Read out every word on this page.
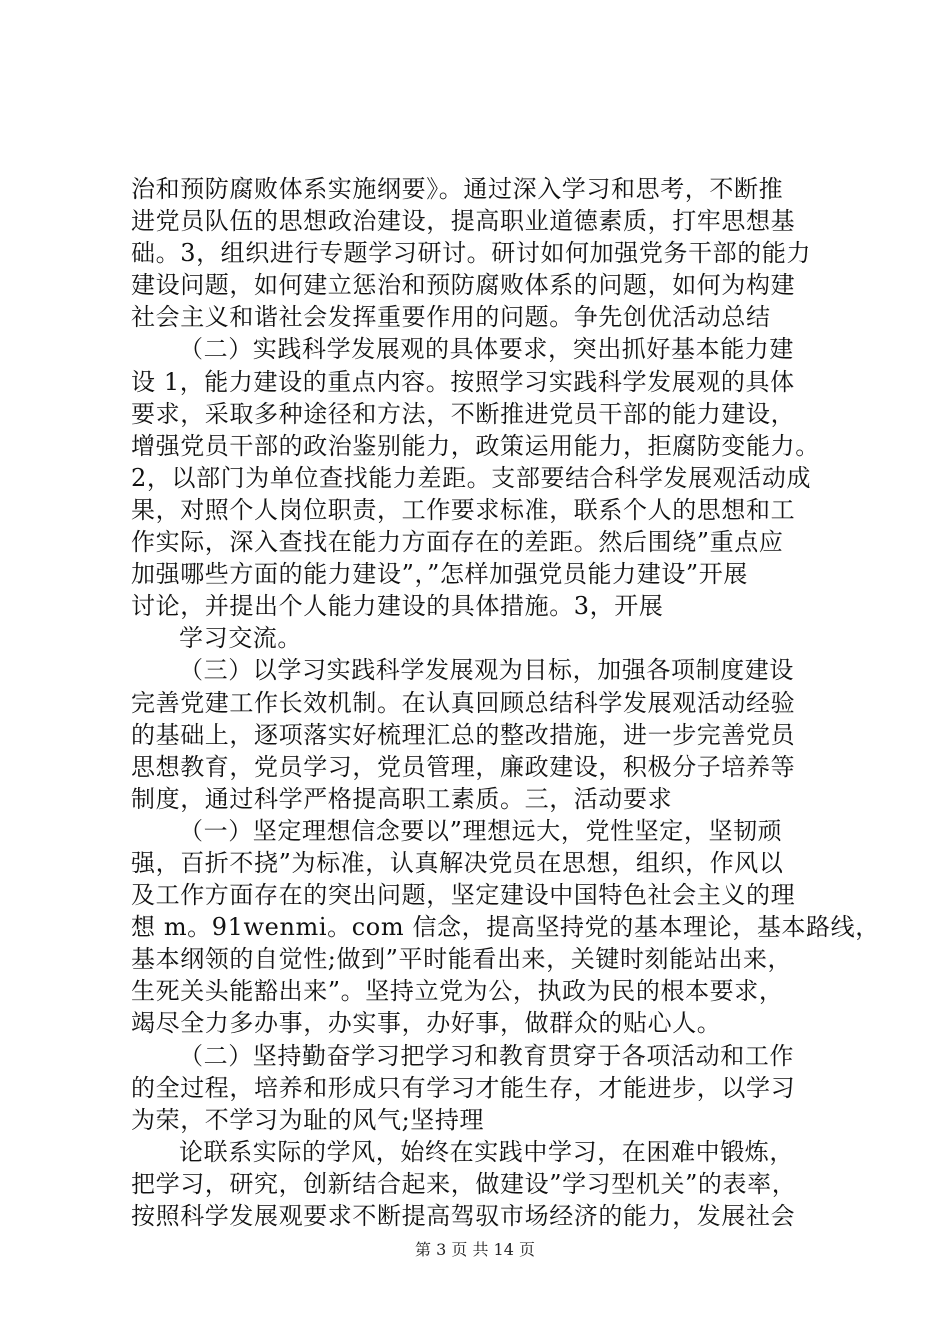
治和预防腐败体系实施纲要》。通过深入学习和思考，不断推
进党员队伍的思想政治建设，提高职业道德素质，打牢思想基
础。3，组织进行专题学习研讨。研讨如何加强党务干部的能力
建设问题，如何建立惩治和预防腐败体系的问题，如何为构建
社会主义和谐社会发挥重要作用的问题。争先创优活动总结
（二）实践科学发展观的具体要求，突出抓好基本能力建
设 1，能力建设的重点内容。按照学习实践科学发展观的具体
要求，采取多种途径和方法，不断推进党员干部的能力建设，
增强党员干部的政治鉴别能力，政策运用能力，拒腐防变能力。
2，以部门为单位查找能力差距。支部要结合科学发展观活动成
果，对照个人岗位职责，工作要求标准，联系个人的思想和工
作实际，深入查找在能力方面存在的差距。然后围绕”重点应
加强哪些方面的能力建设”，”怎样加强党员能力建设”开展
讨论，并提出个人能力建设的具体措施。3，开展
学习交流。
（三）以学习实践科学发展观为目标，加强各项制度建设
完善党建工作长效机制。在认真回顾总结科学发展观活动经验
的基础上，逐项落实好梳理汇总的整改措施，进一步完善党员
思想教育，党员学习，党员管理，廉政建设，积极分子培养等
制度，通过科学严格提高职工素质。三，活动要求
（一）坚定理想信念要以”理想远大，党性坚定，坚韧顽
强，百折不挠”为标准，认真解决党员在思想，组织，作风以
及工作方面存在的突出问题，坚定建设中国特色社会主义的理
想 m。91wenmi。com 信念，提高坚持党的基本理论，基本路线，
基本纲领的自觉性;做到”平时能看出来，关键时刻能站出来，
生死关头能豁出来”。坚持立党为公，执政为民的根本要求，
竭尽全力多办事，办实事，办好事，做群众的贴心人。
（二）坚持勤奋学习把学习和教育贯穿于各项活动和工作
的全过程，培养和形成只有学习才能生存，才能进步，以学习
为荣，不学习为耻的风气;坚持理
论联系实际的学风，始终在实践中学习，在困难中锻炼，
把学习，研究，创新结合起来，做建设”学习型机关”的表率，
按照科学发展观要求不断提高驾驭市场经济的能力，发展社会
第 3 页 共 14 页
